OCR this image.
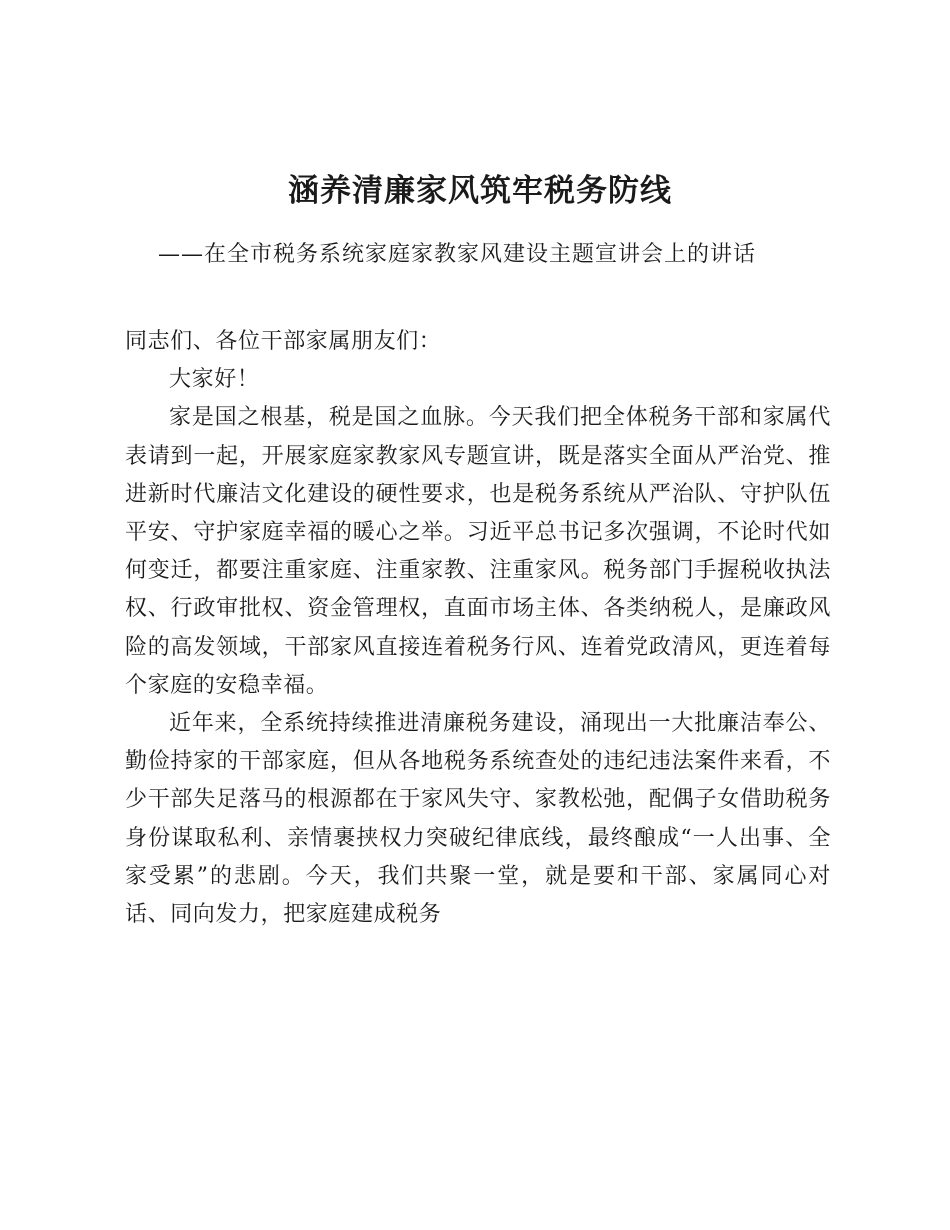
涵养清廉家风筑牢税务防线
——在全市税务系统家庭家教家风建设主题宣讲会上的讲话

同志们、各位干部家属朋友们：

大家好！

家是国之根基，税是国之血脉。今天我们把全体税务干部和家属代表请到一起，开展家庭家教家风专题宣讲，既是落实全面从严治党、推进新时代廉洁文化建设的硬性要求，也是税务系统从严治队、守护队伍平安、守护家庭幸福的暖心之举。习近平总书记多次强调，不论时代如何变迁，都要注重家庭、注重家教、注重家风。税务部门手握税收执法权、行政审批权、资金管理权，直面市场主体、各类纳税人，是廉政风险的高发领域，干部家风直接连着税务行风、连着党政清风，更连着每个家庭的安稳幸福。

近年来，全系统持续推进清廉税务建设，涌现出一大批廉洁奉公、勤俭持家的干部家庭，但从各地税务系统查处的违纪违法案件来看，不少干部失足落马的根源都在于家风失守、家教松弛，配偶子女借助税务身份谋取私利、亲情裹挟权力突破纪律底线，最终酿成“一人出事、全家受累”的悲剧。今天，我们共聚一堂，就是要和干部、家属同心对话、同向发力，把家庭建成税务
